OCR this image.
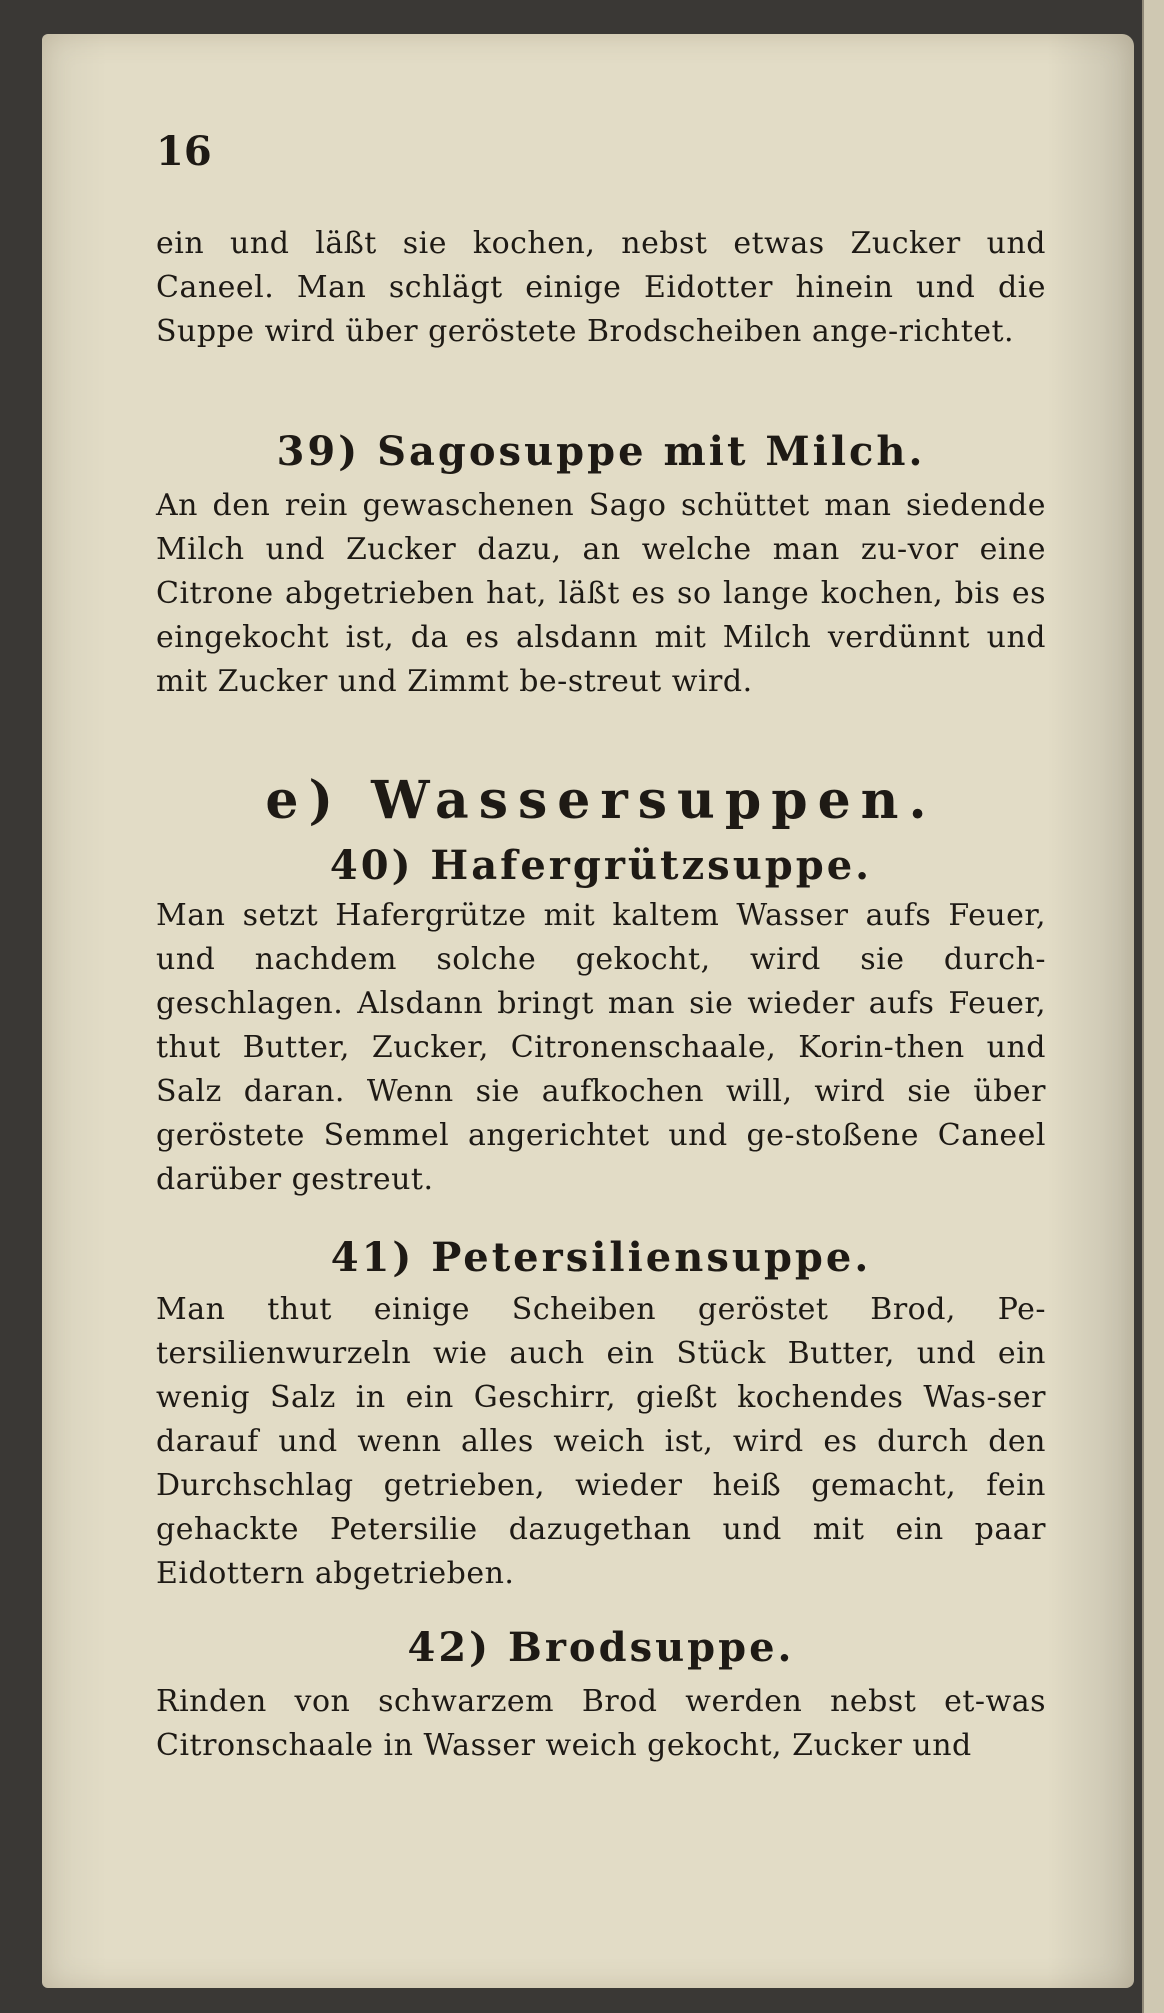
16
ein und läßt sie kochen, nebst etwas Zucker und Caneel. Man schlägt einige Eidotter hinein und die Suppe wird über geröstete Brodscheiben ange-richtet.
39) Sagosuppe mit Milch.
An den rein gewaschenen Sago schüttet man siedende Milch und Zucker dazu, an welche man zu-vor eine Citrone abgetrieben hat, läßt es so lange kochen, bis es eingekocht ist, da es alsdann mit Milch verdünnt und mit Zucker und Zimmt be-streut wird.
e) Wassersuppen.
40) Hafergrützsuppe.
Man setzt Hafergrütze mit kaltem Wasser aufs Feuer, und nachdem solche gekocht, wird sie durch-geschlagen. Alsdann bringt man sie wieder aufs Feuer, thut Butter, Zucker, Citronenschaale, Korin-then und Salz daran. Wenn sie aufkochen will, wird sie über geröstete Semmel angerichtet und ge-stoßene Caneel darüber gestreut.
41) Petersiliensuppe.
Man thut einige Scheiben geröstet Brod, Pe-tersilienwurzeln wie auch ein Stück Butter, und ein wenig Salz in ein Geschirr, gießt kochendes Was-ser darauf und wenn alles weich ist, wird es durch den Durchschlag getrieben, wieder heiß gemacht, fein gehackte Petersilie dazugethan und mit ein paar Eidottern abgetrieben.
42) Brodsuppe.
Rinden von schwarzem Brod werden nebst et-was Citronschaale in Wasser weich gekocht, Zucker und
